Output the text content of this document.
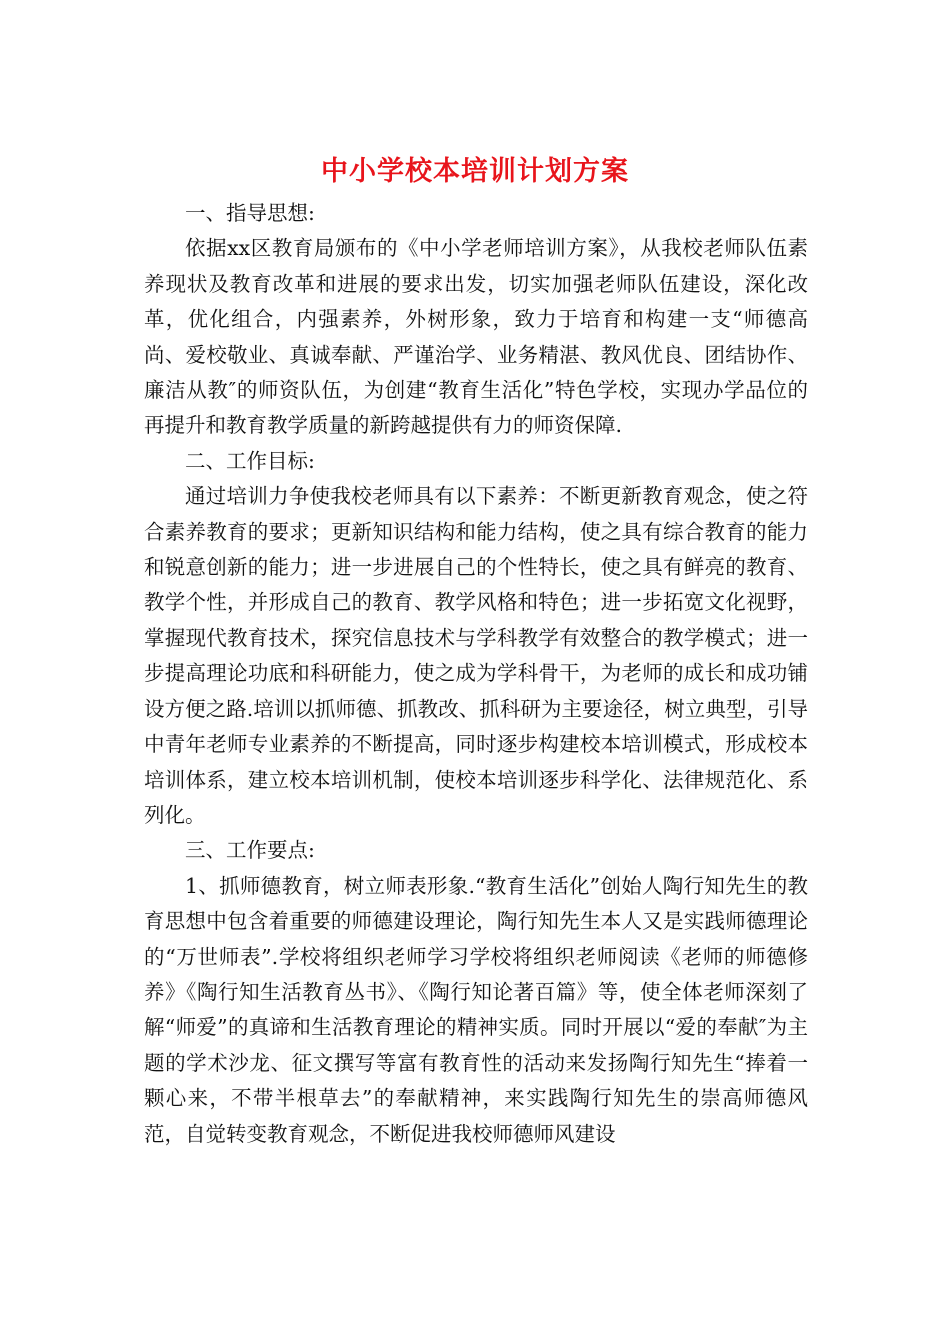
中小学校本培训计划方案

一、指导思想:

依据xx区教育局颁布的《中小学老师培训方案》，从我校老师队伍素养现状及教育改革和进展的要求出发，切实加强老师队伍建设，深化改革，优化组合，内强素养，外树形象，致力于培育和构建一支“师德高尚、爱校敬业、真诚奉献、严谨治学、业务精湛、教风优良、团结协作、廉洁从教″的师资队伍，为创建“教育生活化”特色学校，实现办学品位的再提升和教育教学质量的新跨越提供有力的师资保障.

二、工作目标:

通过培训力争使我校老师具有以下素养：不断更新教育观念，使之符合素养教育的要求；更新知识结构和能力结构，使之具有综合教育的能力和锐意创新的能力；进一步进展自己的个性特长，使之具有鲜亮的教育、教学个性，并形成自己的教育、教学风格和特色；进一步拓宽文化视野，掌握现代教育技术，探究信息技术与学科教学有效整合的教学模式；进一步提高理论功底和科研能力，使之成为学科骨干，为老师的成长和成功铺设方便之路.培训以抓师德、抓教改、抓科研为主要途径，树立典型，引导中青年老师专业素养的不断提高，同时逐步构建校本培训模式，形成校本培训体系，建立校本培训机制，使校本培训逐步科学化、法律规范化、系列化。

三、工作要点:

1、抓师德教育，树立师表形象.“教育生活化”创始人陶行知先生的教育思想中包含着重要的师德建设理论，陶行知先生本人又是实践师德理论的“万世师表”.学校将组织老师学习学校将组织老师阅读《老师的师德修养》《陶行知生活教育丛书》、《陶行知论著百篇》等，使全体老师深刻了解“师爱”的真谛和生活教育理论的精神实质。同时开展以“爱的奉献″为主题的学术沙龙、征文撰写等富有教育性的活动来发扬陶行知先生“捧着一颗心来，不带半根草去”的奉献精神，来实践陶行知先生的崇高师德风范，自觉转变教育观念，不断促进我校师德师风建设
